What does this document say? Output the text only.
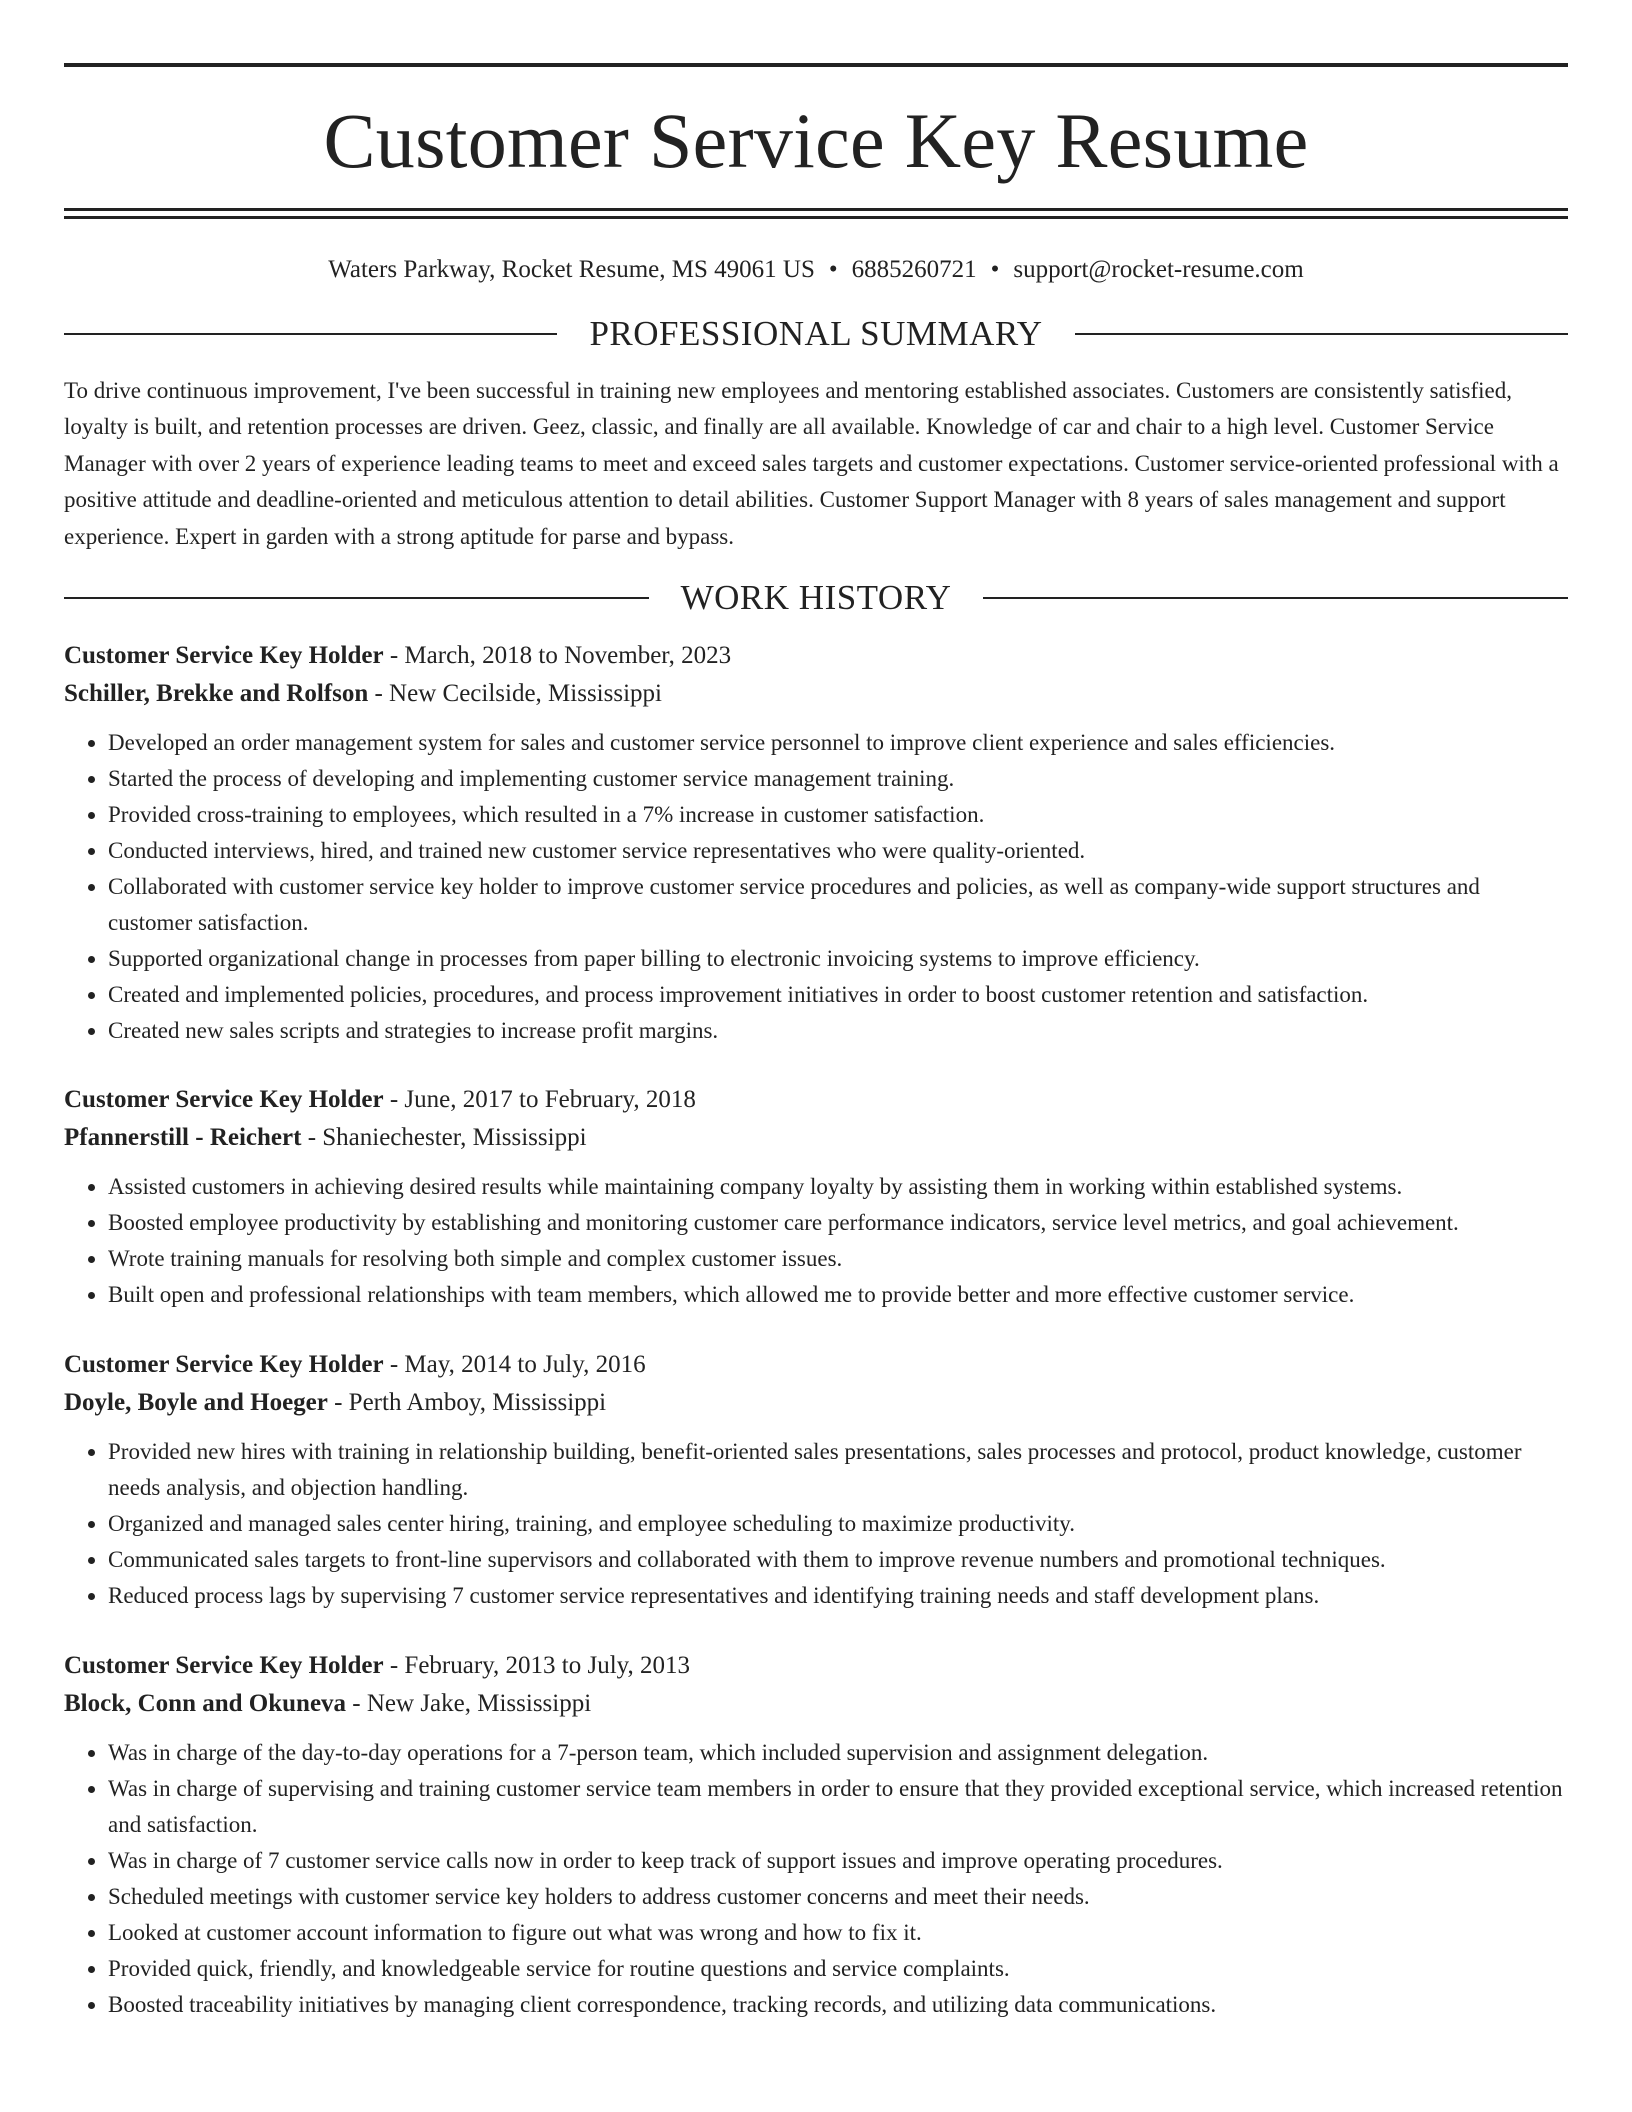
Customer Service Key Resume
Waters Parkway, Rocket Resume, MS 49061 US • 6885260721 • support@rocket-resume.com
PROFESSIONAL SUMMARY

To drive continuous improvement, I've been successful in training new employees and mentoring established associates. Customers are consistently satisfied, loyalty is built, and retention processes are driven. Geez, classic, and finally are all available. Knowledge of car and chair to a high level. Customer Service Manager with over 2 years of experience leading teams to meet and exceed sales targets and customer expectations. Customer service-oriented professional with a positive attitude and deadline-oriented and meticulous attention to detail abilities. Customer Support Manager with 8 years of sales management and support experience. Expert in garden with a strong aptitude for parse and bypass.

WORK HISTORY
Customer Service Key Holder - March, 2018 to November, 2023
Schiller, Brekke and Rolfson - New Cecilside, Mississippi
• Developed an order management system for sales and customer service personnel to improve client experience and sales efficiencies.
• Started the process of developing and implementing customer service management training.
• Provided cross-training to employees, which resulted in a 7% increase in customer satisfaction.
• Conducted interviews, hired, and trained new customer service representatives who were quality-oriented.
• Collaborated with customer service key holder to improve customer service procedures and policies, as well as company-wide support structures and customer satisfaction.
• Supported organizational change in processes from paper billing to electronic invoicing systems to improve efficiency.
• Created and implemented policies, procedures, and process improvement initiatives in order to boost customer retention and satisfaction.
• Created new sales scripts and strategies to increase profit margins.
Customer Service Key Holder - June, 2017 to February, 2018
Pfannerstill - Reichert - Shaniechester, Mississippi
• Assisted customers in achieving desired results while maintaining company loyalty by assisting them in working within established systems.
• Boosted employee productivity by establishing and monitoring customer care performance indicators, service level metrics, and goal achievement.
• Wrote training manuals for resolving both simple and complex customer issues.
• Built open and professional relationships with team members, which allowed me to provide better and more effective customer service.
Customer Service Key Holder - May, 2014 to July, 2016
Doyle, Boyle and Hoeger - Perth Amboy, Mississippi
• Provided new hires with training in relationship building, benefit-oriented sales presentations, sales processes and protocol, product knowledge, customer needs analysis, and objection handling.
• Organized and managed sales center hiring, training, and employee scheduling to maximize productivity.
• Communicated sales targets to front-line supervisors and collaborated with them to improve revenue numbers and promotional techniques.
• Reduced process lags by supervising 7 customer service representatives and identifying training needs and staff development plans.
Customer Service Key Holder - February, 2013 to July, 2013
Block, Conn and Okuneva - New Jake, Mississippi
• Was in charge of the day-to-day operations for a 7-person team, which included supervision and assignment delegation.
• Was in charge of supervising and training customer service team members in order to ensure that they provided exceptional service, which increased retention and satisfaction.
• Was in charge of 7 customer service calls now in order to keep track of support issues and improve operating procedures.
• Scheduled meetings with customer service key holders to address customer concerns and meet their needs.
• Looked at customer account information to figure out what was wrong and how to fix it.
• Provided quick, friendly, and knowledgeable service for routine questions and service complaints.
• Boosted traceability initiatives by managing client correspondence, tracking records, and utilizing data communications.
